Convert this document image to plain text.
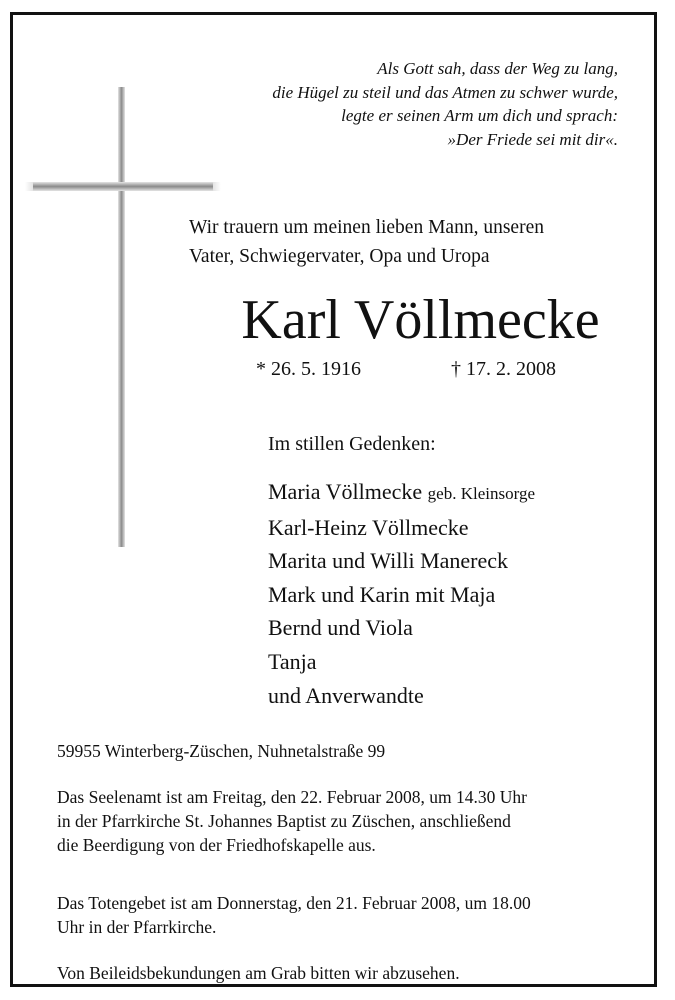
Als Gott sah, dass der Weg zu lang,
die Hügel zu steil und das Atmen zu schwer wurde,
legte er seinen Arm um dich und sprach:
»Der Friede sei mit dir«.
Wir trauern um meinen lieben Mann, unseren
Vater, Schwiegervater, Opa und Uropa
Karl Völlmecke
* 26. 5. 1916	† 17. 2. 2008
Im stillen Gedenken:
Maria Völlmecke geb. Kleinsorge
Karl-Heinz Völlmecke
Marita und Willi Manereck
Mark und Karin mit Maja
Bernd und Viola
Tanja
und Anverwandte
59955 Winterberg-Züschen, Nuhnetalstraße 99
Das Seelenamt ist am Freitag, den 22. Februar 2008, um 14.30 Uhr
in der Pfarrkirche St. Johannes Baptist zu Züschen, anschließend
die Beerdigung von der Friedhofskapelle aus.
Das Totengebet ist am Donnerstag, den 21. Februar 2008, um 18.00
Uhr in der Pfarrkirche.
Von Beileidsbekundungen am Grab bitten wir abzusehen.
